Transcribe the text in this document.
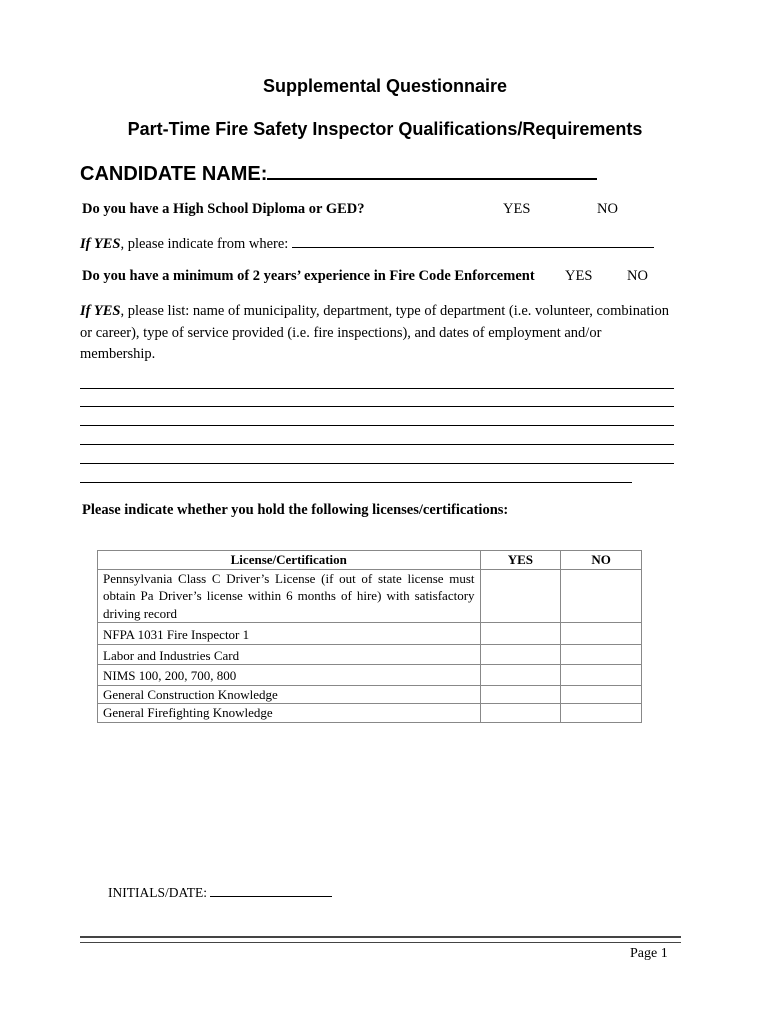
Supplemental Questionnaire
Part-Time Fire Safety Inspector Qualifications/Requirements
CANDIDATE NAME:
Do you have a High School Diploma or GED?	YES	NO
If YES, please indicate from where:
Do you have a minimum of 2 years’ experience in Fire Code Enforcement YES NO
If YES, please list: name of municipality, department, type of department (i.e. volunteer, combination or career), type of service provided (i.e. fire inspections), and dates of employment and/or membership.
Please indicate whether you hold the following licenses/certifications:
License/Certification	YES	NO
Pennsylvania Class C Driver’s License (if out of state license must obtain Pa Driver’s license within 6 months of hire) with satisfactory driving record		
NFPA 1031 Fire Inspector 1		
Labor and Industries Card		
NIMS 100, 200, 700, 800		
General Construction Knowledge		
General Firefighting Knowledge		
INITIALS/DATE:
Page 1
